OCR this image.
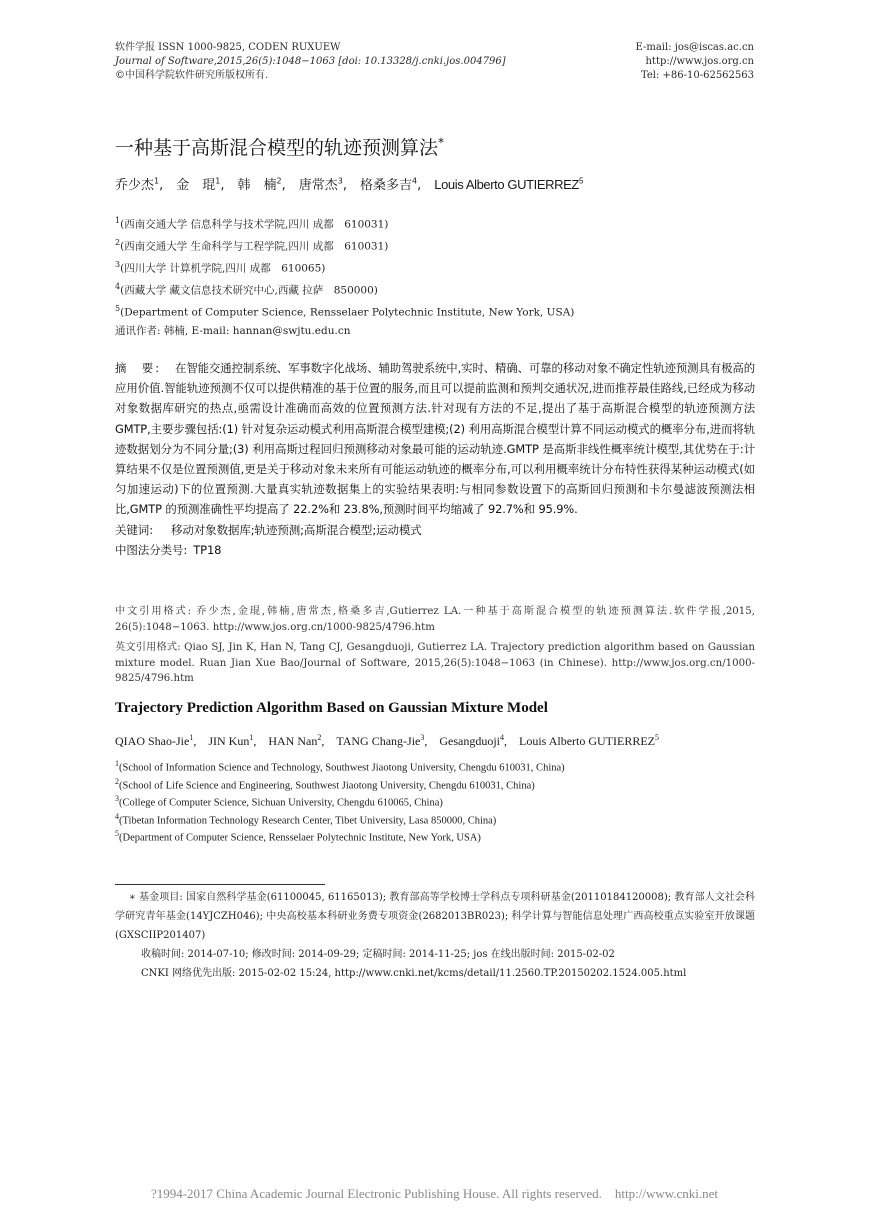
软件学报 ISSN 1000-9825, CODEN RUXUEW
Journal of Software,2015,26(5):1048−1063 [doi: 10.13328/j.cnki.jos.004796]
©中国科学院软件研究所版权所有.
E-mail: jos@iscas.ac.cn
http://www.jos.org.cn
Tel: +86-10-62562563
一种基于高斯混合模型的轨迹预测算法*
乔少杰$^1$,　金　琨$^1$,　韩　楠$^2$,　唐常杰$^3$,　格桑多吉$^4$,　Louis Alberto GUTIERREZ$^5$
$^1$(西南交通大学 信息科学与技术学院,四川 成都　610031)
$^2$(西南交通大学 生命科学与工程学院,四川 成都　610031)
$^3$(四川大学 计算机学院,四川 成都　610065)
$^4$(西藏大学 藏文信息技术研究中心,西藏 拉萨　850000)
$^5$(Department of Computer Science, Rensselaer Polytechnic Institute, New York, USA)
通讯作者: 韩楠, E-mail: hannan@swjtu.edu.cn
摘　要: 在智能交通控制系统、军事数字化战场、辅助驾驶系统中,实时、精确、可靠的移动对象不确定性轨迹预测具有极高的应用价值.智能轨迹预测不仅可以提供精准的基于位置的服务,而且可以提前监测和预判交通状况,进而推荐最佳路线,已经成为移动对象数据库研究的热点,亟需设计准确而高效的位置预测方法.针对现有方法的不足,提出了基于高斯混合模型的轨迹预测方法 GMTP,主要步骤包括:(1) 针对复杂运动模式利用高斯混合模型建模;(2) 利用高斯混合模型计算不同运动模式的概率分布,进而将轨迹数据划分为不同分量;(3) 利用高斯过程回归预测移动对象最可能的运动轨迹.GMTP 是高斯非线性概率统计模型,其优势在于:计算结果不仅是位置预测值,更是关于移动对象未来所有可能运动轨迹的概率分布,可以利用概率统计分布特性获得某种运动模式(如匀加速运动)下的位置预测.大量真实轨迹数据集上的实验结果表明:与相同参数设置下的高斯回归预测和卡尔曼滤波预测法相比,GMTP 的预测准确性平均提高了 22.2%和 23.8%,预测时间平均缩减了 92.7%和 95.9%.
关键词: 移动对象数据库;轨迹预测;高斯混合模型;运动模式
中图法分类号: TP18
中文引用格式: 乔少杰,金琨,韩楠,唐常杰,格桑多吉,Gutierrez LA.一种基于高斯混合模型的轨迹预测算法.软件学报,2015, 26(5):1048−1063. http://www.jos.org.cn/1000-9825/4796.htm
英文引用格式: Qiao SJ, Jin K, Han N, Tang CJ, Gesangduoji, Gutierrez LA. Trajectory prediction algorithm based on Gaussian mixture model. Ruan Jian Xue Bao/Journal of Software, 2015,26(5):1048−1063 (in Chinese). http://www.jos.org.cn/1000-9825/4796.htm
Trajectory Prediction Algorithm Based on Gaussian Mixture Model
QIAO Shao-Jie$^1$,    JIN Kun$^1$,    HAN Nan$^2$,    TANG Chang-Jie$^3$,    Gesangduoji$^4$,    Louis Alberto GUTIERREZ$^5$
$^1$(School of Information Science and Technology, Southwest Jiaotong University, Chengdu 610031, China)
$^2$(School of Life Science and Engineering, Southwest Jiaotong University, Chengdu 610031, China)
$^3$(College of Computer Science, Sichuan University, Chengdu 610065, China)
$^4$(Tibetan Information Technology Research Center, Tibet University, Lasa 850000, China)
$^5$(Department of Computer Science, Rensselaer Polytechnic Institute, New York, USA)
∗ 基金项目: 国家自然科学基金(61100045, 61165013); 教育部高等学校博士学科点专项科研基金(20110184120008); 教育部人文社会科学研究青年基金(14YJCZH046); 中央高校基本科研业务费专项资金(2682013BR023); 科学计算与智能信息处理广西高校重点实验室开放课题(GXSCIIP201407)
收稿时间: 2014-07-10; 修改时间: 2014-09-29; 定稿时间: 2014-11-25; jos 在线出版时间: 2015-02-02
CNKI 网络优先出版: 2015-02-02 15:24, http://www.cnki.net/kcms/detail/11.2560.TP.20150202.1524.005.html
?1994-2017 China Academic Journal Electronic Publishing House. All rights reserved.    http://www.cnki.net
